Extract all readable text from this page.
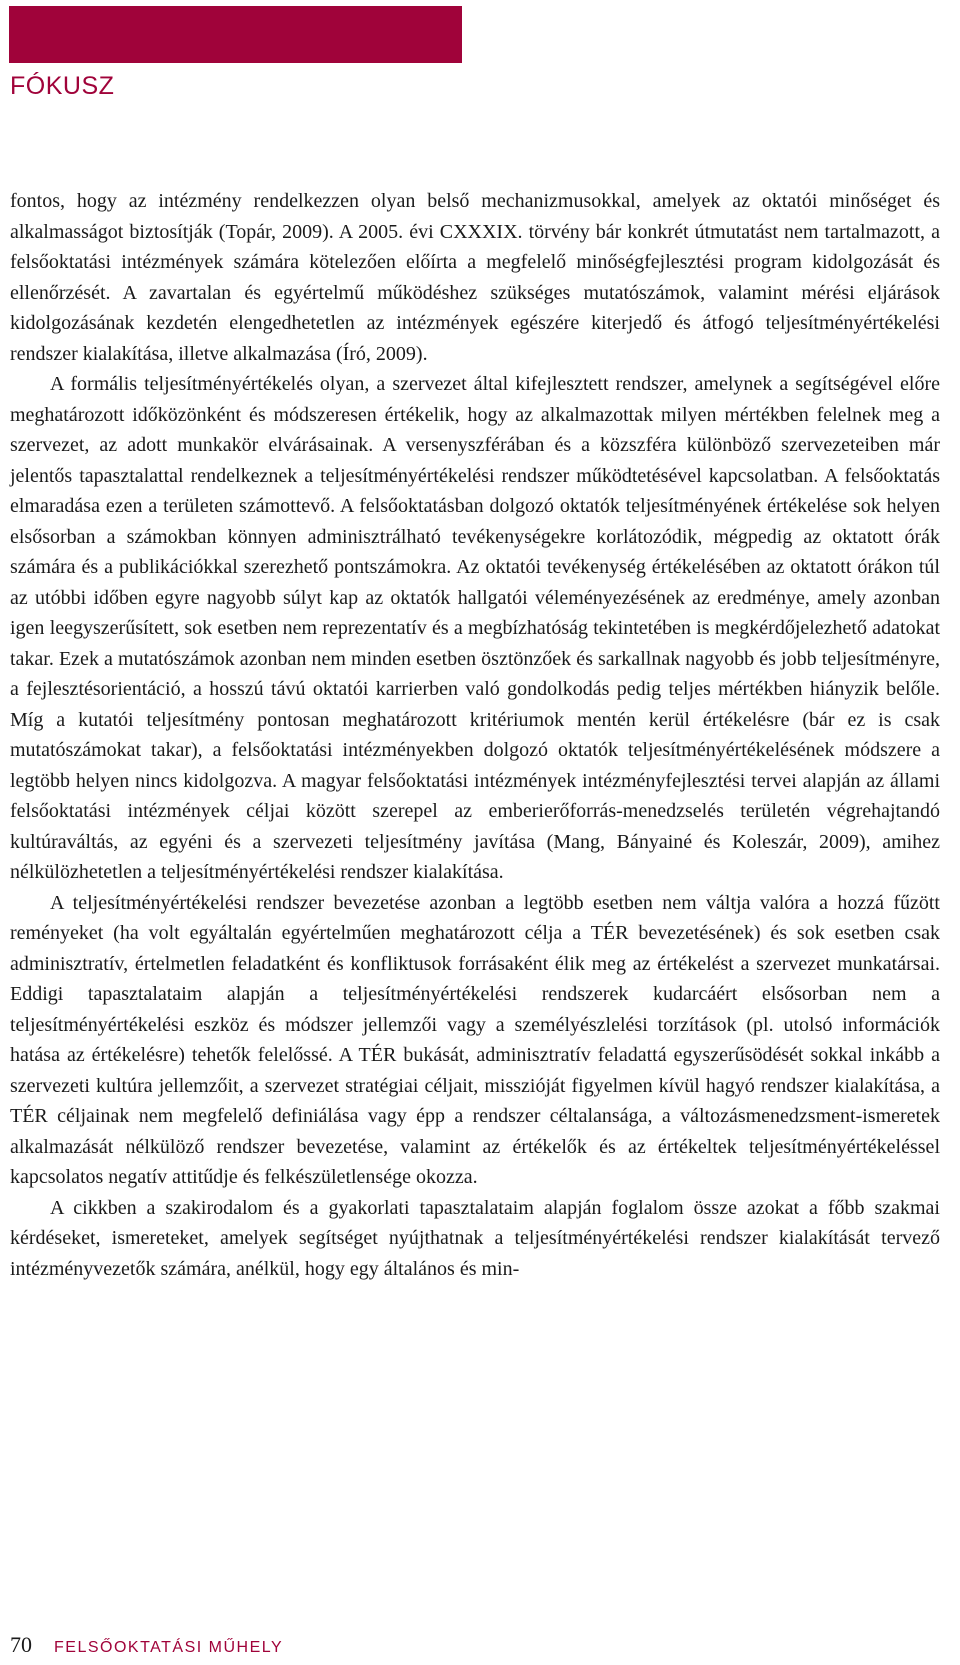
FÓKUSZ

fontos, hogy az intézmény rendelkezzen olyan belső mechanizmusokkal, amelyek az oktatói minőséget és alkalmasságot biztosítják (Topár, 2009). A 2005. évi CXXXIX. törvény bár konkrét útmutatást nem tartalmazott, a felsőoktatási intézmények számára kötelezően előírta a megfelelő minőségfejlesztési program kidolgozását és ellenőrzését. A zavartalan és egyértelmű működéshez szükséges mutatószámok, valamint mérési eljárások kidolgozásának kezdetén elengedhetetlen az intézmények egészére kiterjedő és átfogó teljesítményértékelési rendszer kialakítása, illetve alkalmazása (Író, 2009).

A formális teljesítményértékelés olyan, a szervezet által kifejlesztett rendszer, amelynek a segítségével előre meghatározott időközönként és módszeresen értékelik, hogy az alkalmazottak milyen mértékben felelnek meg a szervezet, az adott munkakör elvárásainak. A versenyszférában és a közszféra különböző szervezeteiben már jelentős tapasztalattal rendelkeznek a teljesítményértékelési rendszer működtetésével kapcsolatban. A felsőoktatás elmaradása ezen a területen számottevő. A felsőoktatásban dolgozó oktatók teljesítményének értékelése sok helyen elsősorban a számokban könnyen adminisztrálható tevékenységekre korlátozódik, mégpedig az oktatott órák számára és a publikációkkal szerezhető pontszámokra. Az oktatói tevékenység értékelésében az oktatott órákon túl az utóbbi időben egyre nagyobb súlyt kap az oktatók hallgatói véleményezésének az eredménye, amely azonban igen leegyszerűsített, sok esetben nem reprezentatív és a megbízhatóság tekintetében is megkérdőjelezhető adatokat takar. Ezek a mutatószámok azonban nem minden esetben ösztönzőek és sarkallnak nagyobb és jobb teljesítményre, a fejlesztésorientáció, a hosszú távú oktatói karrierben való gondolkodás pedig teljes mértékben hiányzik belőle. Míg a kutatói teljesítmény pontosan meghatározott kritériumok mentén kerül értékelésre (bár ez is csak mutatószámokat takar), a felsőoktatási intézményekben dolgozó oktatók teljesítményértékelésének módszere a legtöbb helyen nincs kidolgozva. A magyar felsőoktatási intézmények intézményfejlesztési tervei alapján az állami felsőoktatási intézmények céljai között szerepel az emberierőforrás-menedzselés területén végrehajtandó kultúraváltás, az egyéni és a szervezeti teljesítmény javítása (Mang, Bányainé és Koleszár, 2009), amihez nélkülözhetetlen a teljesítményértékelési rendszer kialakítása.

A teljesítményértékelési rendszer bevezetése azonban a legtöbb esetben nem váltja valóra a hozzá fűzött reményeket (ha volt egyáltalán egyértelműen meghatározott célja a TÉR bevezetésének) és sok esetben csak adminisztratív, értelmetlen feladatként és konfliktusok forrásaként élik meg az értékelést a szervezet munkatársai. Eddigi tapasztalataim alapján a teljesítményértékelési rendszerek kudarcáért elsősorban nem a teljesítményértékelési eszköz és módszer jellemzői vagy a személyészlelési torzítások (pl. utolsó információk hatása az értékelésre) tehetők felelőssé. A TÉR bukását, adminisztratív feladattá egyszerűsödését sokkal inkább a szervezeti kultúra jellemzőit, a szervezet stratégiai céljait, misszióját figyelmen kívül hagyó rendszer kialakítása, a TÉR céljainak nem megfelelő definiálása vagy épp a rendszer céltalansága, a változásmenedzsment-ismeretek alkalmazását nélkülöző rendszer bevezetése, valamint az értékelők és az értékeltek teljesítményértékeléssel kapcsolatos negatív attitűdje és felkészületlensége okozza.

A cikkben a szakirodalom és a gyakorlati tapasztalataim alapján foglalom össze azokat a főbb szakmai kérdéseket, ismereteket, amelyek segítséget nyújthatnak a teljesítményértékelési rendszer kialakítását tervező intézményvezetők számára, anélkül, hogy egy általános és min-

70 FELSŐOKTATÁSI MŰHELY
